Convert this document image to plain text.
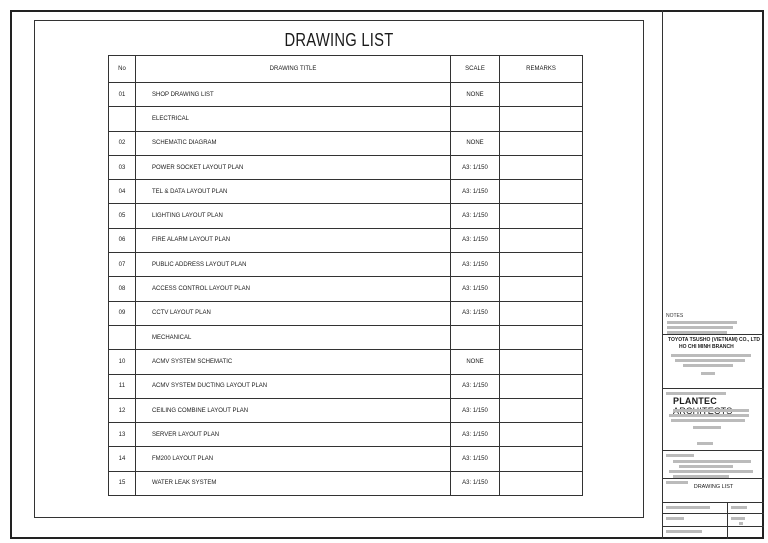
DRAWING LIST
No	DRAWING TITLE	SCALE	REMARKS
01	SHOP DRAWING LIST	NONE	
	ELECTRICAL		
02	SCHEMATIC DIAGRAM	NONE	
03	POWER SOCKET LAYOUT PLAN	A3: 1/150	
04	TEL & DATA LAYOUT PLAN	A3: 1/150	
05	LIGHTING LAYOUT PLAN	A3: 1/150	
06	FIRE ALARM LAYOUT PLAN	A3: 1/150	
07	PUBLIC ADDRESS LAYOUT PLAN	A3: 1/150	
08	ACCESS CONTROL LAYOUT PLAN	A3: 1/150	
09	CCTV LAYOUT PLAN	A3: 1/150	
	MECHANICAL		
10	ACMV SYSTEM SCHEMATIC	NONE	
11	ACMV SYSTEM DUCTING LAYOUT PLAN	A3: 1/150	
12	CEILING COMBINE LAYOUT PLAN	A3: 1/150	
13	SERVER LAYOUT PLAN	A3: 1/150	
14	FM200 LAYOUT PLAN	A3: 1/150	
15	WATER LEAK SYSTEM	A3: 1/150	
NOTES
TOYOTA TSUSHO (VIETNAM) CO., LTD
HO CHI MINH BRANCH
PLANTEC
DRAWING LIST
